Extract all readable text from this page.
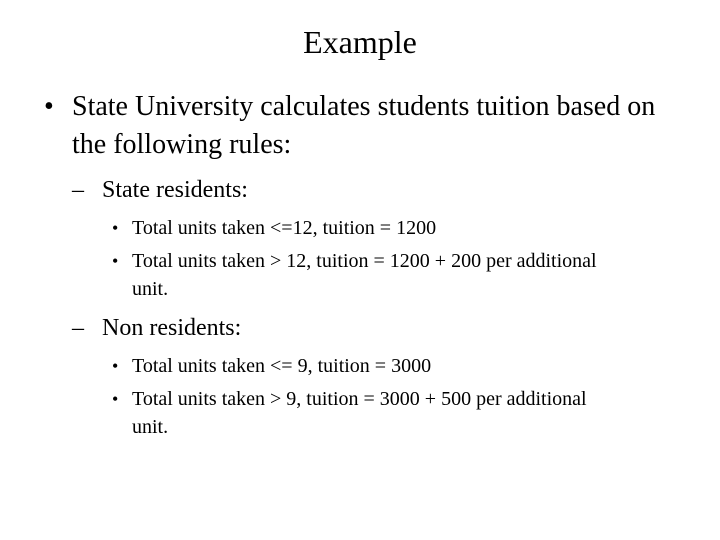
Example
• State University calculates students tuition based on the following rules:
– State residents:
• Total units taken <=12, tuition = 1200
• Total units taken > 12, tuition = 1200 + 200 per additional unit.
– Non residents:
• Total units taken <= 9, tuition = 3000
• Total units taken > 9, tuition = 3000 + 500 per additional unit.
